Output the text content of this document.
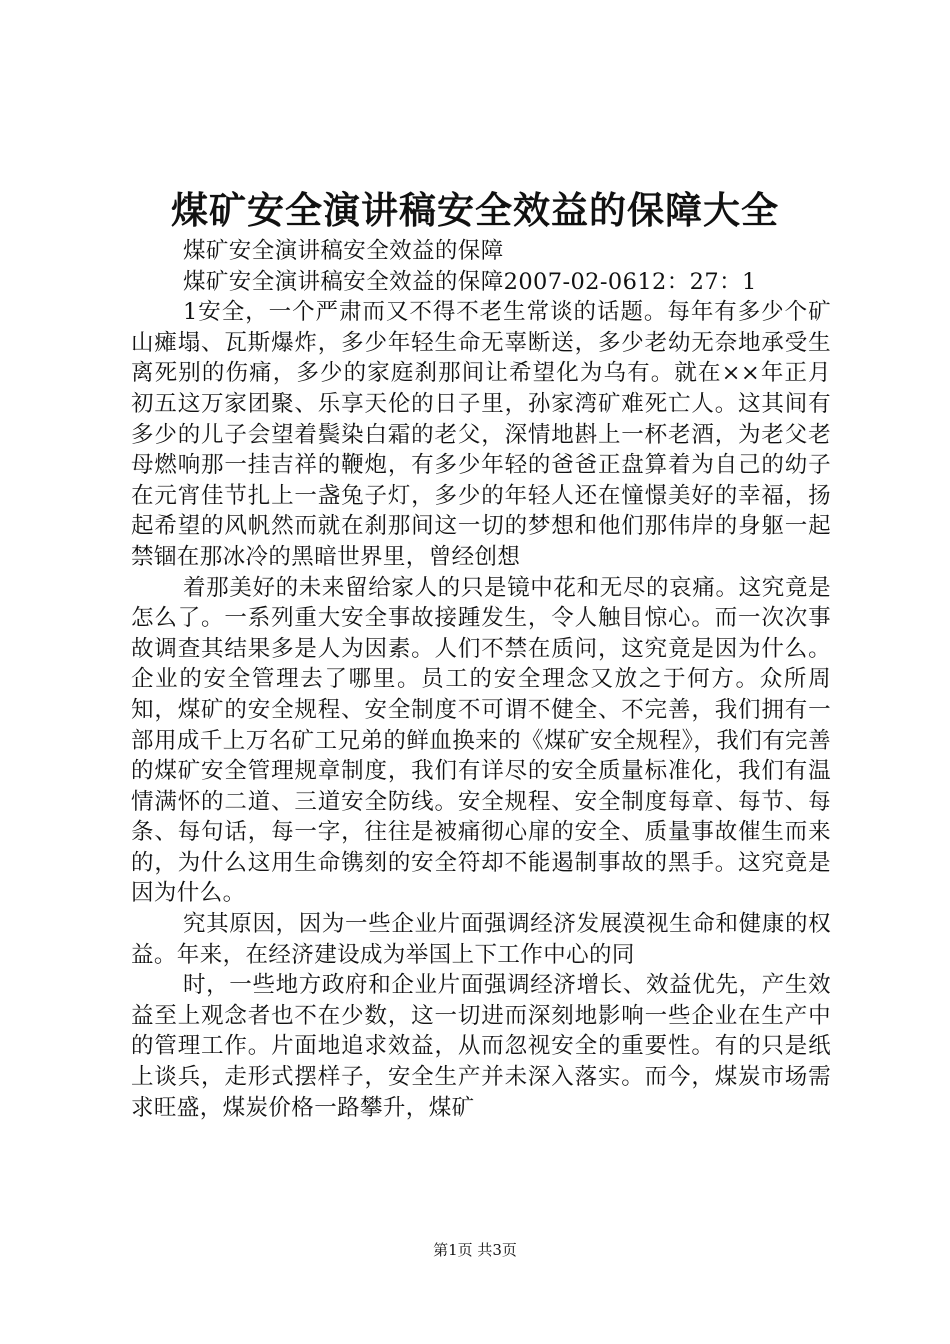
煤矿安全演讲稿安全效益的保障大全

煤矿安全演讲稿安全效益的保障

煤矿安全演讲稿安全效益的保障2007-02-0612：27：1

1安全，一个严肃而又不得不老生常谈的话题。每年有多少个矿山瘫塌、瓦斯爆炸，多少年轻生命无辜断送，多少老幼无奈地承受生离死别的伤痛，多少的家庭刹那间让希望化为乌有。就在××年正月初五这万家团聚、乐享天伦的日子里，孙家湾矿难死亡人。这其间有多少的儿子会望着鬓染白霜的老父，深情地斟上一杯老酒，为老父老母燃响那一挂吉祥的鞭炮，有多少年轻的爸爸正盘算着为自己的幼子在元宵佳节扎上一盏兔子灯，多少的年轻人还在憧憬美好的幸福，扬起希望的风帆然而就在刹那间这一切的梦想和他们那伟岸的身躯一起禁锢在那冰冷的黑暗世界里，曾经创想

着那美好的未来留给家人的只是镜中花和无尽的哀痛。这究竟是怎么了。一系列重大安全事故接踵发生，令人触目惊心。而一次次事故调查其结果多是人为因素。人们不禁在质问，这究竟是因为什么。企业的安全管理去了哪里。员工的安全理念又放之于何方。众所周知，煤矿的安全规程、安全制度不可谓不健全、不完善，我们拥有一部用成千上万名矿工兄弟的鲜血换来的《煤矿安全规程》，我们有完善的煤矿安全管理规章制度，我们有详尽的安全质量标准化，我们有温情满怀的二道、三道安全防线。安全规程、安全制度每章、每节、每条、每句话，每一字，往往是被痛彻心扉的安全、质量事故催生而来的，为什么这用生命镌刻的安全符却不能遏制事故的黑手。这究竟是因为什么。

究其原因，因为一些企业片面强调经济发展漠视生命和健康的权益。年来，在经济建设成为举国上下工作中心的同

时，一些地方政府和企业片面强调经济增长、效益优先，产生效益至上观念者也不在少数，这一切进而深刻地影响一些企业在生产中的管理工作。片面地追求效益，从而忽视安全的重要性。有的只是纸上谈兵，走形式摆样子，安全生产并未深入落实。而今，煤炭市场需求旺盛，煤炭价格一路攀升，煤矿

第1页 共3页
